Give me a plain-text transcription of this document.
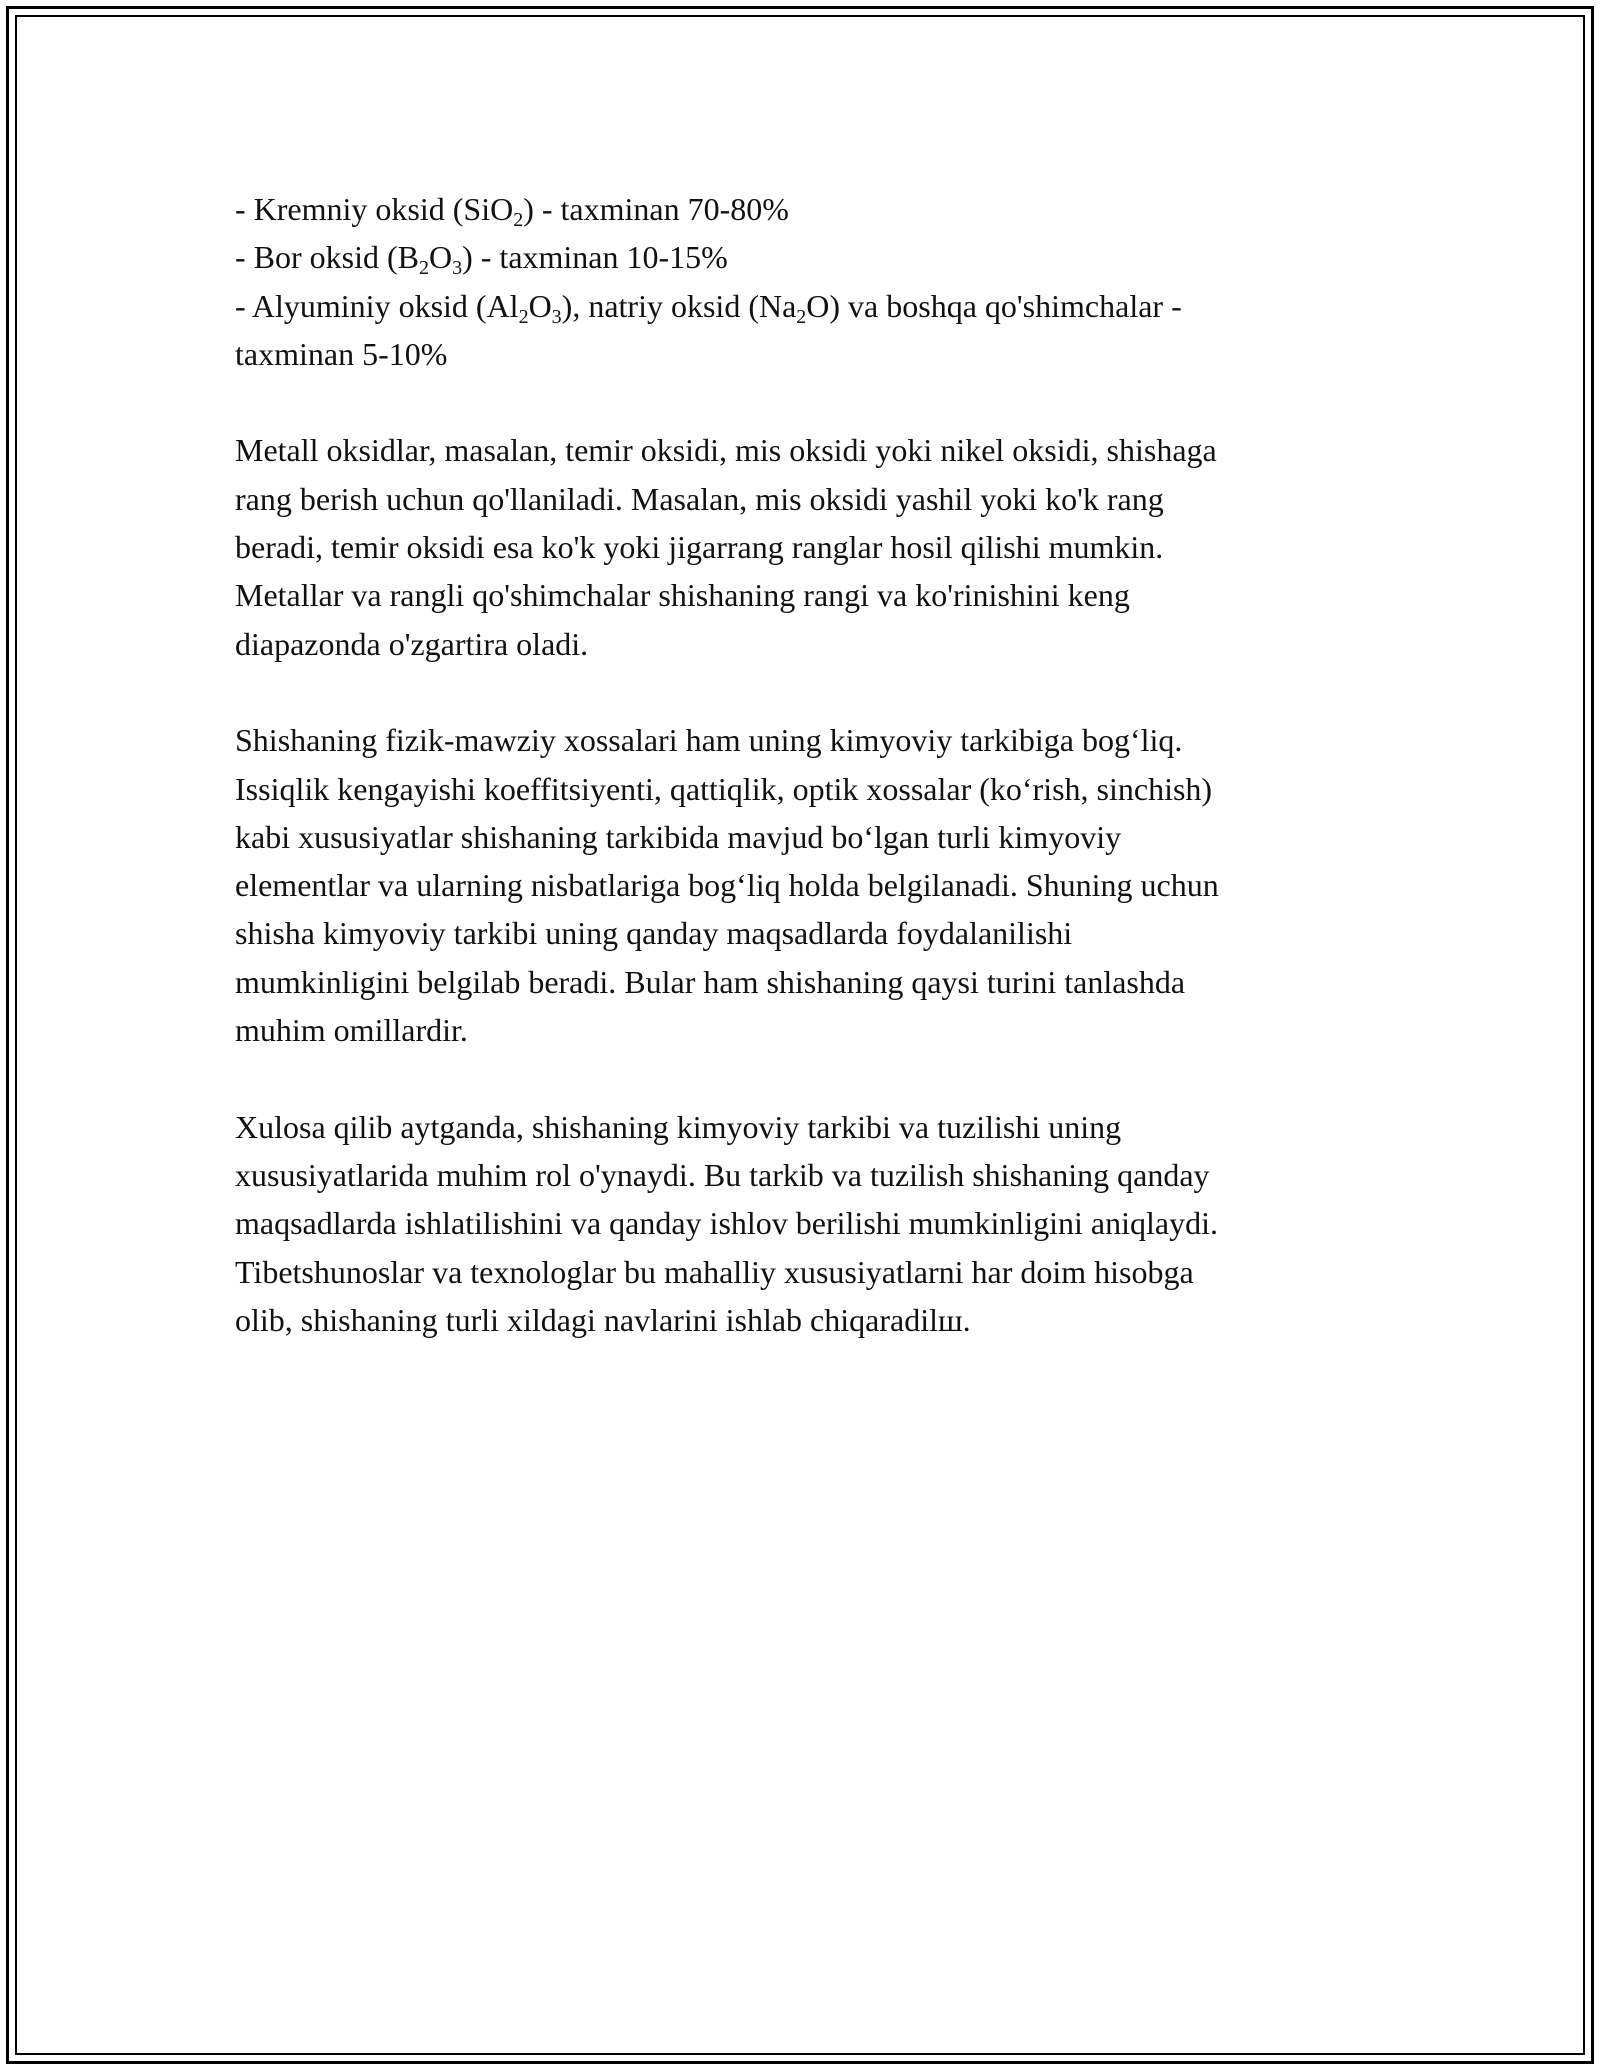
- Kremniy oksid (SiO$_2$) - taxminan 70-80%
- Bor oksid $(B_2O_3)$ - taxminan 10-15%
- Alyuminiy oksid $(Al_2O_3)$, natriy oksid $(Na_2O)$ va boshqa qo'shimchalar -
taxminan 5-10%
Metall oksidlar, masalan, temir oksidi, mis oksidi yoki nikel oksidi, shishaga
rang berish uchun qo'llaniladi. Masalan, mis oksidi yashil yoki ko'k rang
beradi, temir oksidi esa ko'k yoki jigarrang ranglar hosil qilishi mumkin.
Metallar va rangli qo'shimchalar shishaning rangi va ko'rinishini keng
diapazonda o'zgartira oladi.
Shishaning fizik-mawziy xossalari ham uning kimyoviy tarkibiga bog‘liq.
Issiqlik kengayishi koeffitsiyenti, qattiqlik, optik xossalar (ko‘rish, sinchish)
kabi xususiyatlar shishaning tarkibida mavjud bo‘lgan turli kimyoviy
elementlar va ularning nisbatlariga bog‘liq holda belgilanadi. Shuning uchun
shisha kimyoviy tarkibi uning qanday maqsadlarda foydalanilishi
mumkinligini belgilab beradi. Bular ham shishaning qaysi turini tanlashda
muhim omillardir.
Xulosa qilib aytganda, shishaning kimyoviy tarkibi va tuzilishi uning
xususiyatlarida muhim rol o'ynaydi. Bu tarkib va tuzilish shishaning qanday
maqsadlarda ishlatilishini va qanday ishlov berilishi mumkinligini aniqlaydi.
Tibetshunoslar va texnologlar bu mahalliy xususiyatlarni har doim hisobga
olib, shishaning turli xildagi navlarini ishlab chiqaradilш.
